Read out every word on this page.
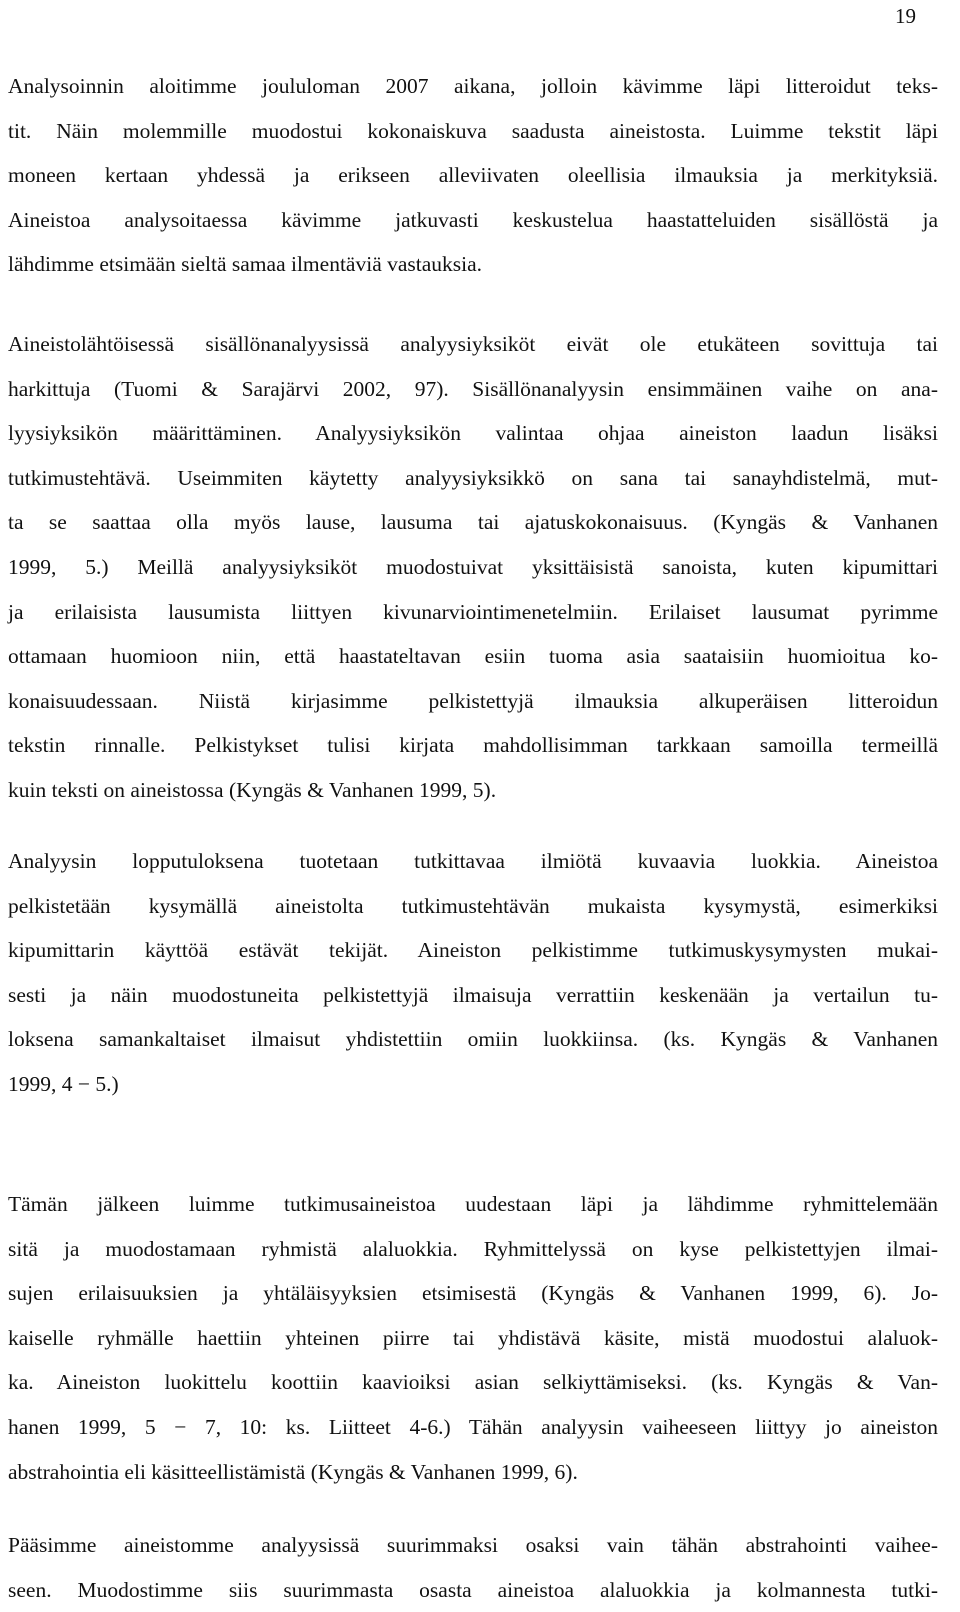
19

Analysoinnin aloitimme joululoman 2007 aikana, jolloin kävimme läpi litteroidut teks-
tit. Näin molemmille muodostui kokonaiskuva saadusta aineistosta. Luimme tekstit läpi
moneen kertaan yhdessä ja erikseen alleviivaten oleellisia ilmauksia ja merkityksiä.
Aineistoa analysoitaessa kävimme jatkuvasti keskustelua haastatteluiden sisällöstä ja
lähdimme etsimään sieltä samaa ilmentäviä vastauksia.

Aineistolähtöisessä sisällönanalyysissä analyysiyksiköt eivät ole etukäteen sovittuja tai
harkittuja (Tuomi & Sarajärvi 2002, 97). Sisällönanalyysin ensimmäinen vaihe on ana-
lyysiyksikön määrittäminen. Analyysiyksikön valintaa ohjaa aineiston laadun lisäksi
tutkimustehtävä. Useimmiten käytetty analyysiyksikkö on sana tai sanayhdistelmä, mut-
ta se saattaa olla myös lause, lausuma tai ajatuskokonaisuus. (Kyngäs & Vanhanen
1999, 5.) Meillä analyysiyksiköt muodostuivat yksittäisistä sanoista, kuten kipumittari
ja erilaisista lausumista liittyen kivunarviointimenetelmiin. Erilaiset lausumat pyrimme
ottamaan huomioon niin, että haastateltavan esiin tuoma asia saataisiin huomioitua ko-
konaisuudessaan. Niistä kirjasimme pelkistettyjä ilmauksia alkuperäisen litteroidun
tekstin rinnalle. Pelkistykset tulisi kirjata mahdollisimman tarkkaan samoilla termeillä
kuin teksti on aineistossa (Kyngäs & Vanhanen 1999, 5).

Analyysin lopputuloksena tuotetaan tutkittavaa ilmiötä kuvaavia luokkia. Aineistoa
pelkistetään kysymällä aineistolta tutkimustehtävän mukaista kysymystä, esimerkiksi
kipumittarin käyttöä estävät tekijät. Aineiston pelkistimme tutkimuskysymysten mukai-
sesti ja näin muodostuneita pelkistettyjä ilmaisuja verrattiin keskenään ja vertailun tu-
loksena samankaltaiset ilmaisut yhdistettiin omiin luokkiinsa. (ks. Kyngäs & Vanhanen
1999, 4 − 5.)

Tämän jälkeen luimme tutkimusaineistoa uudestaan läpi ja lähdimme ryhmittelemään
sitä ja muodostamaan ryhmistä alaluokkia. Ryhmittelyssä on kyse pelkistettyjen ilmai-
sujen erilaisuuksien ja yhtäläisyyksien etsimisestä (Kyngäs & Vanhanen 1999, 6). Jo-
kaiselle ryhmälle haettiin yhteinen piirre tai yhdistävä käsite, mistä muodostui alaluok-
ka. Aineiston luokittelu koottiin kaavioiksi asian selkiyttämiseksi. (ks. Kyngäs & Van-
hanen 1999, 5 − 7, 10: ks. Liitteet 4-6.) Tähän analyysin vaiheeseen liittyy jo aineiston
abstrahointia eli käsitteellistämistä (Kyngäs & Vanhanen 1999, 6).

Pääsimme aineistomme analyysissä suurimmaksi osaksi vain tähän abstrahointi vaihee-
seen. Muodostimme siis suurimmasta osasta aineistoa alaluokkia ja kolmannesta tutki-
